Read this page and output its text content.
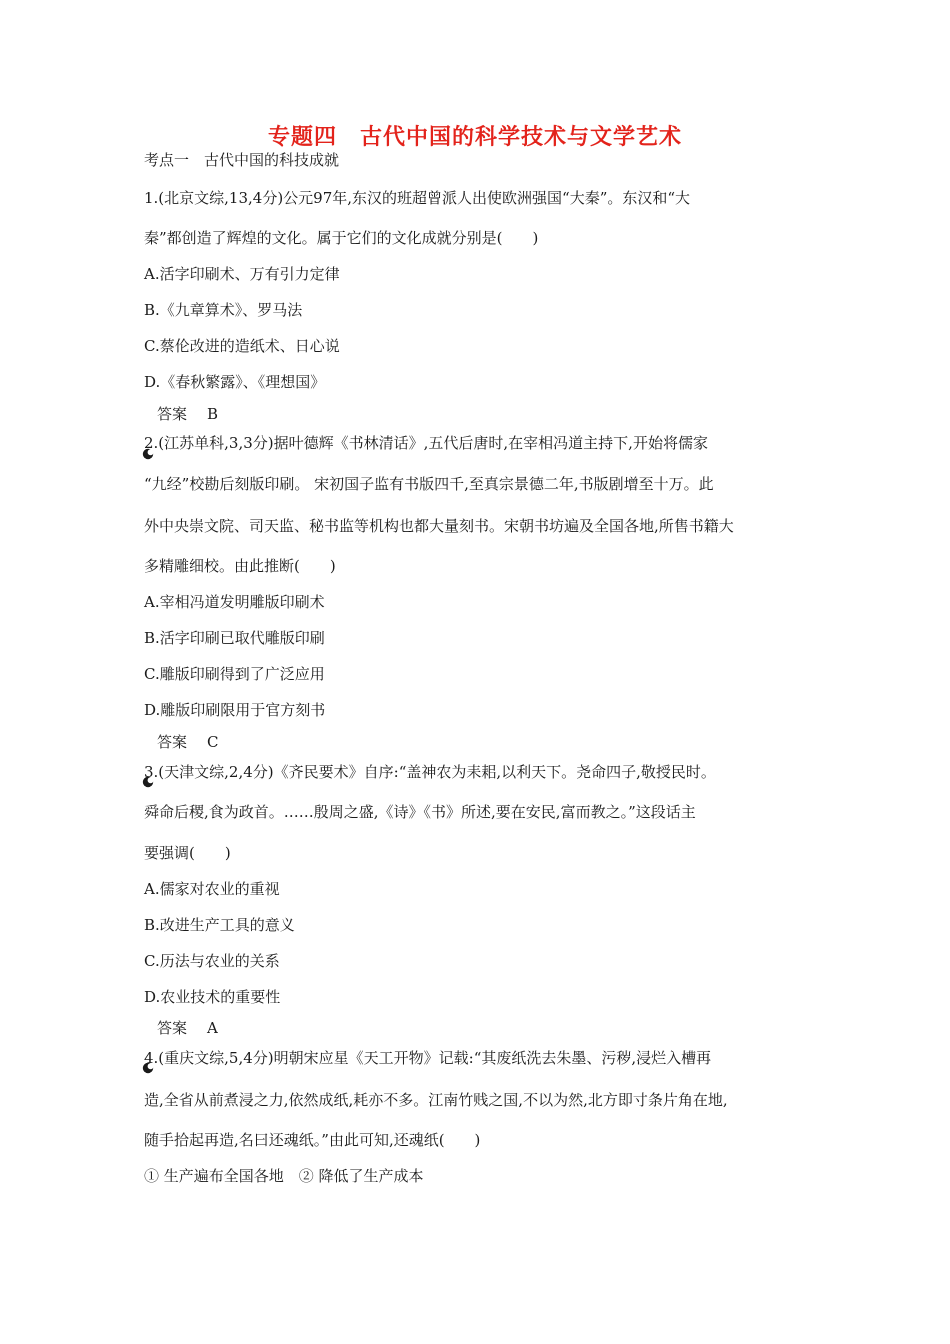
专题四　古代中国的科学技术与文学艺术
考点一　古代中国的科技成就
1.(北京文综,13,4分)公元97年,东汉的班超曾派人出使欧洲强国“大秦”。东汉和“大
秦”都创造了辉煌的文化。属于它们的文化成就分别是(　　)
A.活字印刷术、万有引力定律
B.《九章算术》、罗马法
C.蔡伦改进的造纸术、日心说
D.《春秋繁露》、《理想国》

答案 B
2.(江苏单科,3,3分)据叶德辉《书林清话》,五代后唐时,在宰相冯道主持下,开始将儒家
“九经”校勘后刻版印刷。 宋初国子监有书版四千,至真宗景德二年,书版剧增至十万。此
外中央崇文院、司天监、秘书监等机构也都大量刻书。宋朝书坊遍及全国各地,所售书籍大
多精雕细校。由此推断(　　)
A.宰相冯道发明雕版印刷术
B.活字印刷已取代雕版印刷
C.雕版印刷得到了广泛应用
D.雕版印刷限用于官方刻书

答案 C
3.(天津文综,2,4分)《齐民要术》自序:“盖神农为耒耜,以利天下。尧命四子,敬授民时。
舜命后稷,食为政首。……殷周之盛,《诗》《书》所述,要在安民,富而教之。”这段话主
要强调(　　)
A.儒家对农业的重视
B.改进生产工具的意义
C.历法与农业的关系
D.农业技术的重要性

答案 A
4.(重庆文综,5,4分)明朝宋应星《天工开物》记载:“其废纸洗去朱墨、污秽,浸烂入槽再
造,全省从前煮浸之力,依然成纸,耗亦不多。江南竹贱之国,不以为然,北方即寸条片角在地,
随手拾起再造,名曰还魂纸。”由此可知,还魂纸(　　)
① 生产遍布全国各地　② 降低了生产成本
